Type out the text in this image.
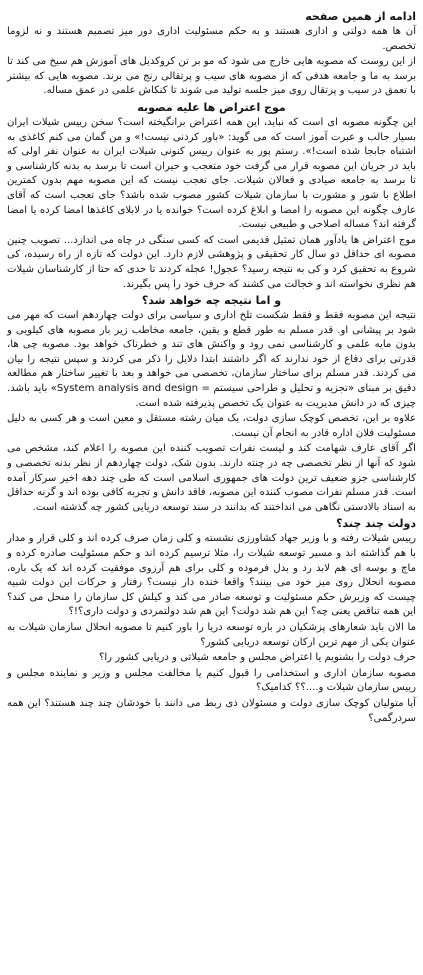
ادامه از همین صفحه

آن ها همه دولتی و اداری هستند و به حکم مسئولیت اداری دور میز تصمیم هستند و نه لزوما تخصص.

از این روست که مصوبه هایی خارج می شود که مو بر تن کروکدیل های آموزش هم سیخ می کند تا برسد به ما و جامعه هدفی که از مصوبه های سیب و پرتقالی رنج می برند. مصوبه هایی که بیشتر با تعمق در سیب و پرتقال روی میز جلسه تولید می شوند تا کنکاش علمی در عمق مساله.

موج اعتراض ها علیه مصوبه

این چگونه مصوبه ای است که نباید، این همه اعتراض برانگیخته است؟ سخن رییس شیلات ایران بسیار جالب و عبرت آموز است که می گوید: «باور کردنی نیست!» و من گمان می کنم کاغذی به اشتباه جابجا شده است!». رستم پور به عنوان رییس کنونی شیلات ایران به عنوان نفر اولی که باید در جریان این مصوبه قرار می گرفت خود متعجب و حیران است تا برسد به بدنه کارشناسی و تا برسد به جامعه صیادی و فعالان شیلات. جای تعجب نیست که این مصوبه مهم بدون کمترین اطلاع با شور و مشورت با سازمان شیلات کشور مصوب شده باشد؟ جای تعجب است که آقای عارف چگونه این مصوبه را امضا و ابلاغ کرده است؟ خوانده یا در لابلای کاغذها امضا کرده یا امضا گرفته اند؟ مساله اصلاحی و طبیعی نیست.

موج اعتراض ها یادآور همان تمثیل قدیمی است که کسی سنگی در چاه می اندازد... تصویب چنین مصوبه ای حداقل دو سال کار تحقیقی و پژوهشی لازم دارد. این دولت که تازه از راه رسیده، کی شروع به تحقیق کرد و کی به نتیجه رسید؟ عجول! عجله کردند تا حدی که حتا از کارشناسان شیلات هم نظری نخواسته اند و خجالت می کشند که حرف خود را پس بگیرند.

و اما نتیجه چه خواهد شد؟

نتیجه این مصوبه فقط و فقط شکست تلخ اداری و سیاسی برای دولت چهاردهم است که مهر می شود بر پیشانی او. قدر مسلم به طور قطع و یقین، جامعه مخاطب زیر بار مصوبه های کیلویی و بدون مایه علمی و کارشناسی نمی رود و واکنش های تند و خطرناک خواهد بود. مصوبه چی ها، قدرتی برای دفاع از خود ندارند که اگر داشتند ابتدا دلایل را ذکر می کردند و سپس نتیجه را بیان می کردند. قدر مسلم برای ساختار سازمان، تخصصی می خواهد و بعد با تغییر ساختار هم مطالعه دقیق بر مبنای «تجزیه و تحلیل و طراحی سیستم = System analysis and design» باید باشد. چیزی که در دانش مدیریت به عنوان یک تخصص پذیرفته شده است.

علاوه بر این، تخصص کوچک سازی دولت، یک میان رشته مستقل و معین است و هر کسی به دلیل مسئولیت فلان اداره قادر به انجام آن نیست.

اگر آقای عارف شهامت کند و لیست نفرات تصویب کننده این مصوبه را اعلام کند، مشخص می شود که آنها از نظر تخصصی چه در چنته دارند. بدون شک، دولت چهاردهم از نظر بدنه تخصصی و کارشناسی جزو ضعیف ترین دولت های جمهوری اسلامی است که طی چند دهه اخیر سرکار آمده است. قدر مسلم نفرات مصوب کننده این مصوبه، فاقد دانش و تجربه کافی بوده اند و گرنه حداقل به اسناد بالادستی نگاهی می انداختند که بدانند در سند توسعه دریایی کشور چه گذشته است.

دولت چند چند؟

رییس شیلات رفته و با وزیر جهاد کشاورزی نشسته و کلی زمان صرف کرده اند و کلی قرار و مدار با هم گذاشته اند و مسیر توسعه شیلات را، مثلا ترسیم کرده اند و حکم مسئولیت صادره کرده و ماچ و بوسه ای هم لابد رد و بدل فرموده و کلی برای هم آرزوی موفقیت کرده اند که یک باره، مصوبه انحلال روی میز خود می بینند؟ واقعا خنده دار نیست؟ رفتار و حرکات این دولت شبیه چیست که وزیرش حکم مسئولیت و توسعه صادر می کند و کیلش کل سازمان را منحل می کند؟ این همه تناقض یعنی چه؟ این هم شد دولت؟ این هم شد دولتمردی و دولت داری؟!؟

ما الان باید شعارهای پزشکیان در باره توسعه دریا را باور کنیم تا مصوبه انحلال سازمان شیلات به عنوان یکی از مهم ترین ارکان توسعه دریایی کشور؟

حرف دولت را بشنویم یا اعتراض مجلس و جامعه شیلاتی و دریایی کشور را؟

مصوبه سازمان اداری و استخدامی را قبول کنیم یا مخالفت مجلس و وزیر و نماینده مجلس و رییس سازمان شیلات و....؟؟ کدامیک؟

آیا متولیان کوچک سازی دولت و مسئولان ذی ربط می دانند با خودشان چند چند هستند؟ این همه سردرگمی؟
